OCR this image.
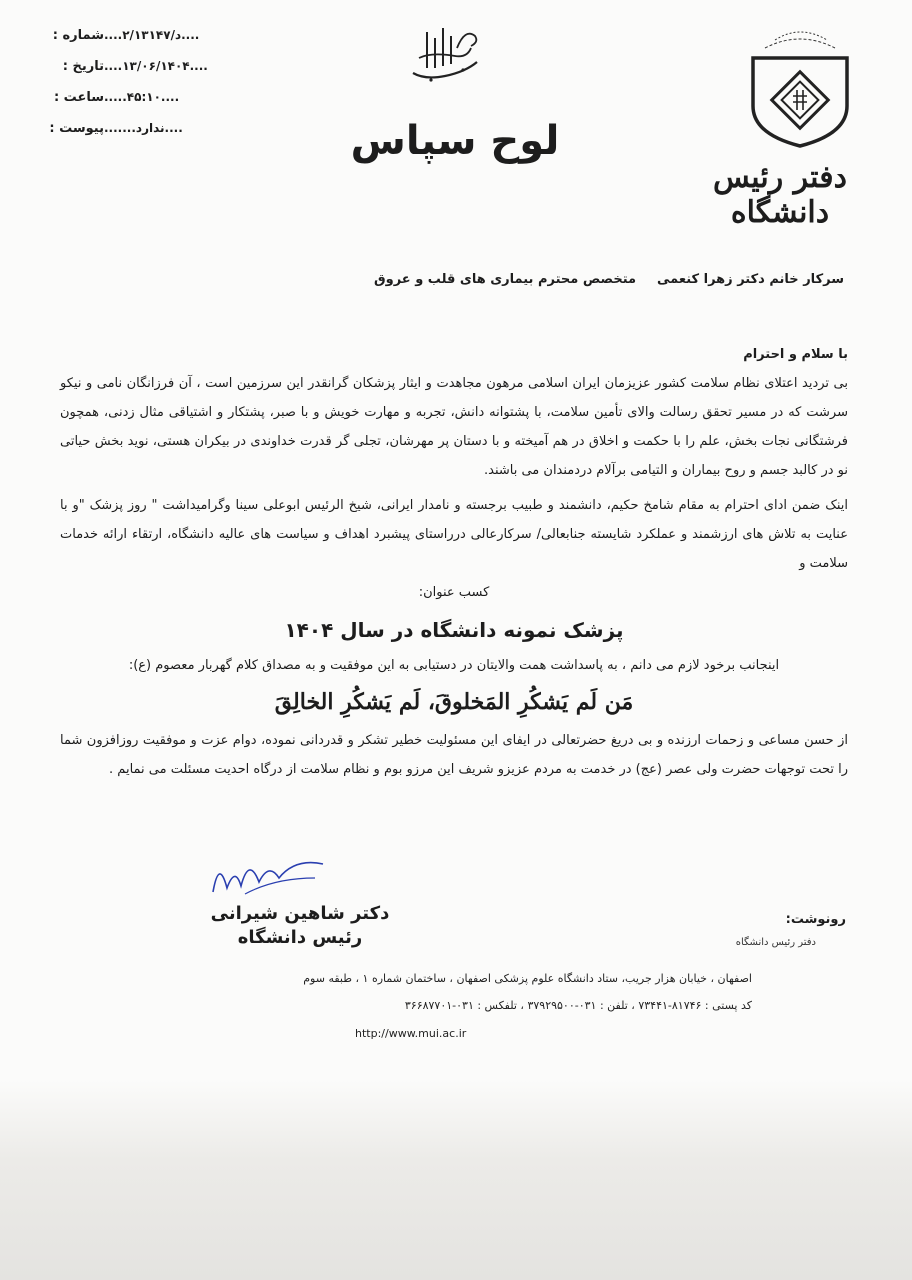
شماره : ....د/٢/١٣١۴٧....
تاریخ : ....١۴٠۴/٠۶/١٣....
ساعت : ....١٠:۴۵.....
پیوست : ....ندارد.......	لوح سپاس
دفتر رئیس دانشگاه
سرکار خانم دکتر زهرا کنعمی
متخصص محترم بیماری های قلب و عروق

با سلام و احترام

بی تردید اعتلای نظام سلامت کشور عزیزمان ایران اسلامی مرهون مجاهدت و ایثار پزشکان گرانقدر این سرزمین است ، آن فرزانگان نامی و نیکو سرشت که در مسیر تحقق رسالت والای تأمین سلامت، با پشتوانه دانش، تجربه و مهارت خویش و با صبر، پشتکار و اشتیاقی مثال زدنی، همچون فرشتگانی نجات بخش، علم را با حکمت و اخلاق در هم آمیخته و با دستان پر مهرشان، تجلی گر قدرت خداوندی در بیکران هستی، نوید بخش حیاتی نو در کالبد جسم و روح بیماران و التیامی برآلام دردمندان می باشند.

اینک ضمن ادای احترام به مقام شامخ حکیم، دانشمند و طبیب برجسته و نامدار ایرانی، شیخ الرئیس ابوعلی سینا وگرامیداشت " روز پزشک "و با عنایت به تلاش های ارزشمند و عملکرد شایسته جنابعالی/ سرکارعالی درراستای پیشبرد اهداف و سیاست های عالیه دانشگاه، ارتقاء ارائه خدمات سلامت و

کسب عنوان:

پزشک نمونه دانشگاه در سال ١۴٠۴

اینجانب برخود لازم می دانم ، به پاسداشت همت والایتان در دستیابی به این موفقیت و به مصداق کلام گهربار معصوم (ع):

مَن لَم یَشکُرِ المَخلوقَ، لَم یَشکُرِ الخالِقَ

از حسن مساعی و زحمات ارزنده و بی دریغ حضرتعالی در ایفای این مسئولیت خطیر تشکر و قدردانی نموده، دوام عزت و موفقیت روزافزون شما را تحت توجهات حضرت ولی عصر (عج) در خدمت به مردم عزیزو شریف این مرزو بوم و نظام سلامت از درگاه احدیت مسئلت می نمایم .

دکتر شاهین شیرانی
رئیس دانشگاه
رونوشت:
دفتر رئیس دانشگاه
اصفهان ، خیابان هزار جریب، ستاد دانشگاه علوم پزشکی اصفهان ، ساختمان شماره ١ ، طبقه سوم
کد پستی : ٨١٧۴۶-٧٣۴۴١ ، تلفن : ٠٣١-٣٧٩٢٩۵٠٠ ، تلفکس : ٠٣١-٣۶۶٨٧٧٠١
http://www.mui.ac.ir
